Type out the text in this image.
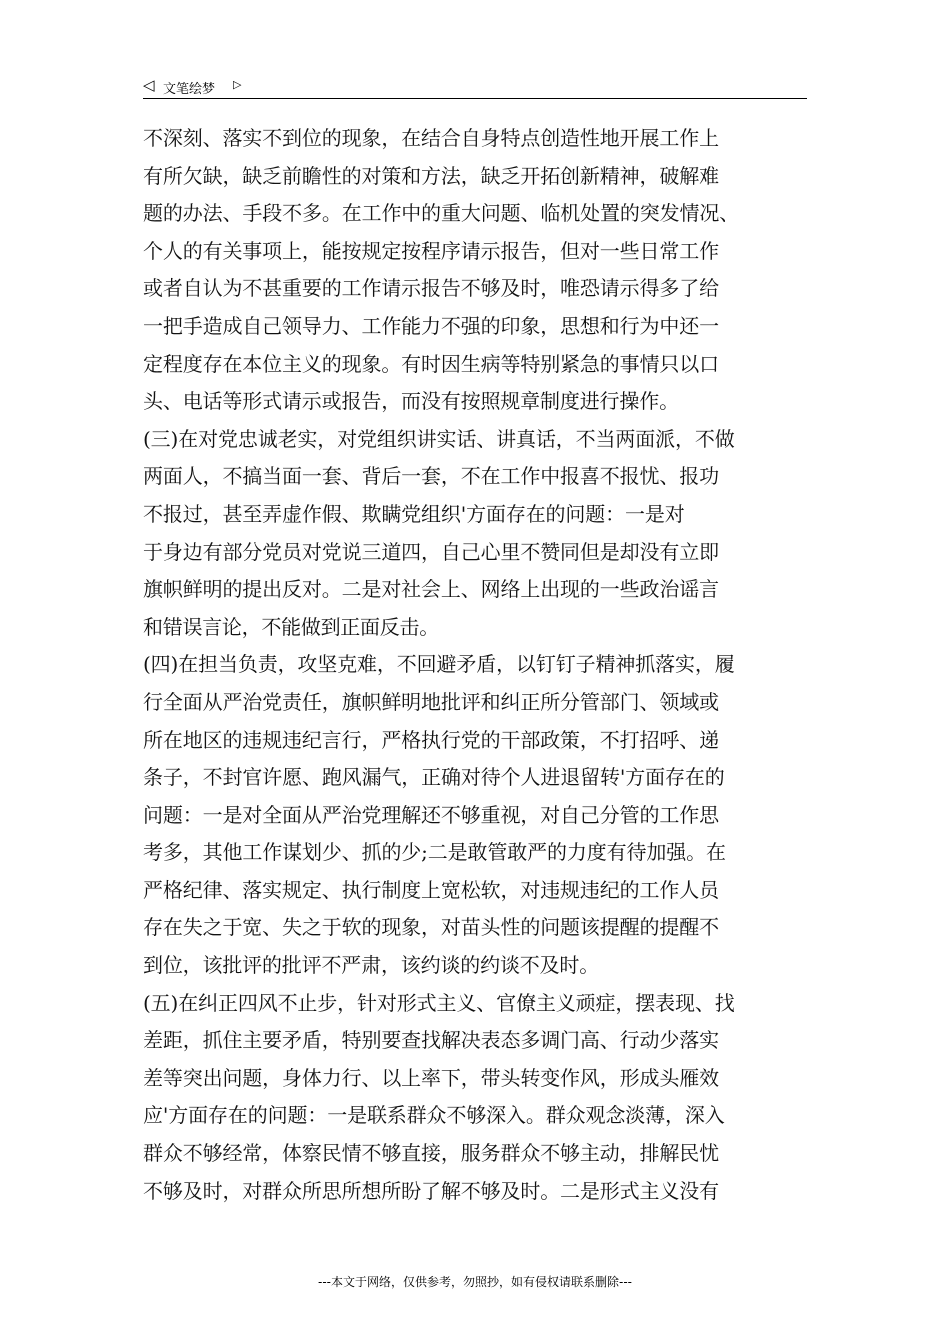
◁ 文笔绘梦 ▷
不深刻、落实不到位的现象，在结合自身特点创造性地开展工作上
有所欠缺，缺乏前瞻性的对策和方法，缺乏开拓创新精神，破解难
题的办法、手段不多。在工作中的重大问题、临机处置的突发情况、
个人的有关事项上，能按规定按程序请示报告，但对一些日常工作
或者自认为不甚重要的工作请示报告不够及时，唯恐请示得多了给
一把手造成自己领导力、工作能力不强的印象，思想和行为中还一
定程度存在本位主义的现象。有时因生病等特别紧急的事情只以口
头、电话等形式请示或报告，而没有按照规章制度进行操作。
(三)在对党忠诚老实，对党组织讲实话、讲真话，不当两面派，不做
两面人，不搞当面一套、背后一套，不在工作中报喜不报忧、报功
不报过，甚至弄虚作假、欺瞒党组织'方面存在的问题：一是对
于身边有部分党员对党说三道四，自己心里不赞同但是却没有立即
旗帜鲜明的提出反对。二是对社会上、网络上出现的一些政治谣言
和错误言论，不能做到正面反击。
(四)在担当负责，攻坚克难，不回避矛盾，以钉钉子精神抓落实，履
行全面从严治党责任，旗帜鲜明地批评和纠正所分管部门、领域或
所在地区的违规违纪言行，严格执行党的干部政策，不打招呼、递
条子，不封官许愿、跑风漏气，正确对待个人进退留转'方面存在的
问题：一是对全面从严治党理解还不够重视，对自己分管的工作思
考多，其他工作谋划少、抓的少;二是敢管敢严的力度有待加强。在
严格纪律、落实规定、执行制度上宽松软，对违规违纪的工作人员
存在失之于宽、失之于软的现象，对苗头性的问题该提醒的提醒不
到位，该批评的批评不严肃，该约谈的约谈不及时。
(五)在纠正四风不止步，针对形式主义、官僚主义顽症，摆表现、找
差距，抓住主要矛盾，特别要查找解决表态多调门高、行动少落实
差等突出问题，身体力行、以上率下，带头转变作风，形成头雁效
应'方面存在的问题：一是联系群众不够深入。群众观念淡薄，深入
群众不够经常，体察民情不够直接，服务群众不够主动，排解民忧
不够及时，对群众所思所想所盼了解不够及时。二是形式主义没有
---本文于网络，仅供参考，勿照抄，如有侵权请联系删除---
